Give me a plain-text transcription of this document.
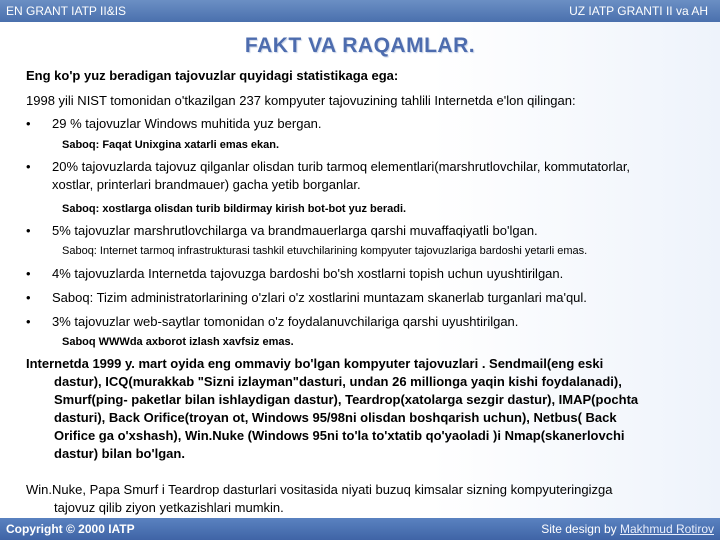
EN GRANT IATP II&IS	UZ IATP GRANTI II va AH
FAKT VA RAQAMLAR.
Eng ko'p yuz beradigan tajovuzlar quyidagi statistikaga ega:
1998 yili NIST tomonidan o'tkazilgan 237 kompyuter tajovuzining tahlili Internetda e'lon qilingan:
• 29 % tajovuzlar Windows muhitida yuz bergan.
Saboq: Faqat Unixgina xatarli emas ekan.
• 20% tajovuzlarda tajovuz qilganlar olisdan turib tarmoq elementlari(marshrutlovchilar, kommutatorlar,
xostlar, printerlari brandmauer) gacha yetib borganlar.
Saboq: xostlarga olisdan turib bildirmay kirish bot-bot yuz beradi.
• 5% tajovuzlar marshrutlovchilarga va brandmauerlarga qarshi muvaffaqiyatli bo'lgan.
Saboq: Internet tarmoq infrastrukturasi tashkil etuvchilarining kompyuter tajovuzlariga bardoshi yetarli emas.
• 4% tajovuzlarda Internetda tajovuzga bardoshi bo'sh xostlarni topish uchun uyushtirilgan.
• Saboq: Tizim administratorlarining o'zlari o'z xostlarini muntazam skanerlab turganlari ma'qul.
• 3% tajovuzlar web-saytlar tomonidan o'z foydalanuvchilariga qarshi uyushtirilgan.
Saboq WWWda axborot izlash xavfsiz emas.
Internetda 1999 y. mart oyida eng ommaviy bo'lgan kompyuter tajovuzlari . Sendmail(eng eski
dastur), ICQ(murakkab "Sizni izlayman"dasturi, undan 26 millionga yaqin kishi foydalanadi),
Smurf(ping- paketlar bilan ishlaydigan dastur), Teardrop(xatolarga sezgir dastur), IMAP(pochta
dasturi), Back Orifice(troyan ot, Windows 95/98ni olisdan boshqarish uchun), Netbus( Back
Orifice ga o'xshash), Win.Nuke (Windows 95ni to'la to'xtatib qo'yaoladi )i Nmap(skanerlovchi
dastur) bilan bo'lgan.
Win.Nuke, Papa Smurf i Teardrop dasturlari vositasida niyati buzuq kimsalar sizning kompyuteringizga
tajovuz qilib ziyon yetkazishlari mumkin.
Copyright © 2000 IATP	Site design by Makhmud Rotirov
